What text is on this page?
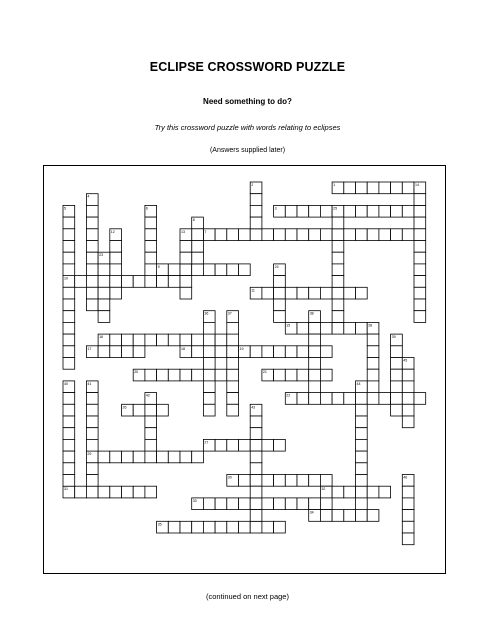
ECLIPSE CROSSWORD PUZZLE
Need something to do?
Try this crossword puzzle with words relating to eclipses
(Answers supplied later)
1
3
7
9
10
11
15
16
17	18	19
20	21
22
26
27
29
30
31	32
33
34
35
2
4
5	6
8
12	13
14
23
24
25
28
36	37	38
39
40	41
42
43
44
45
46
(continued on next page)
